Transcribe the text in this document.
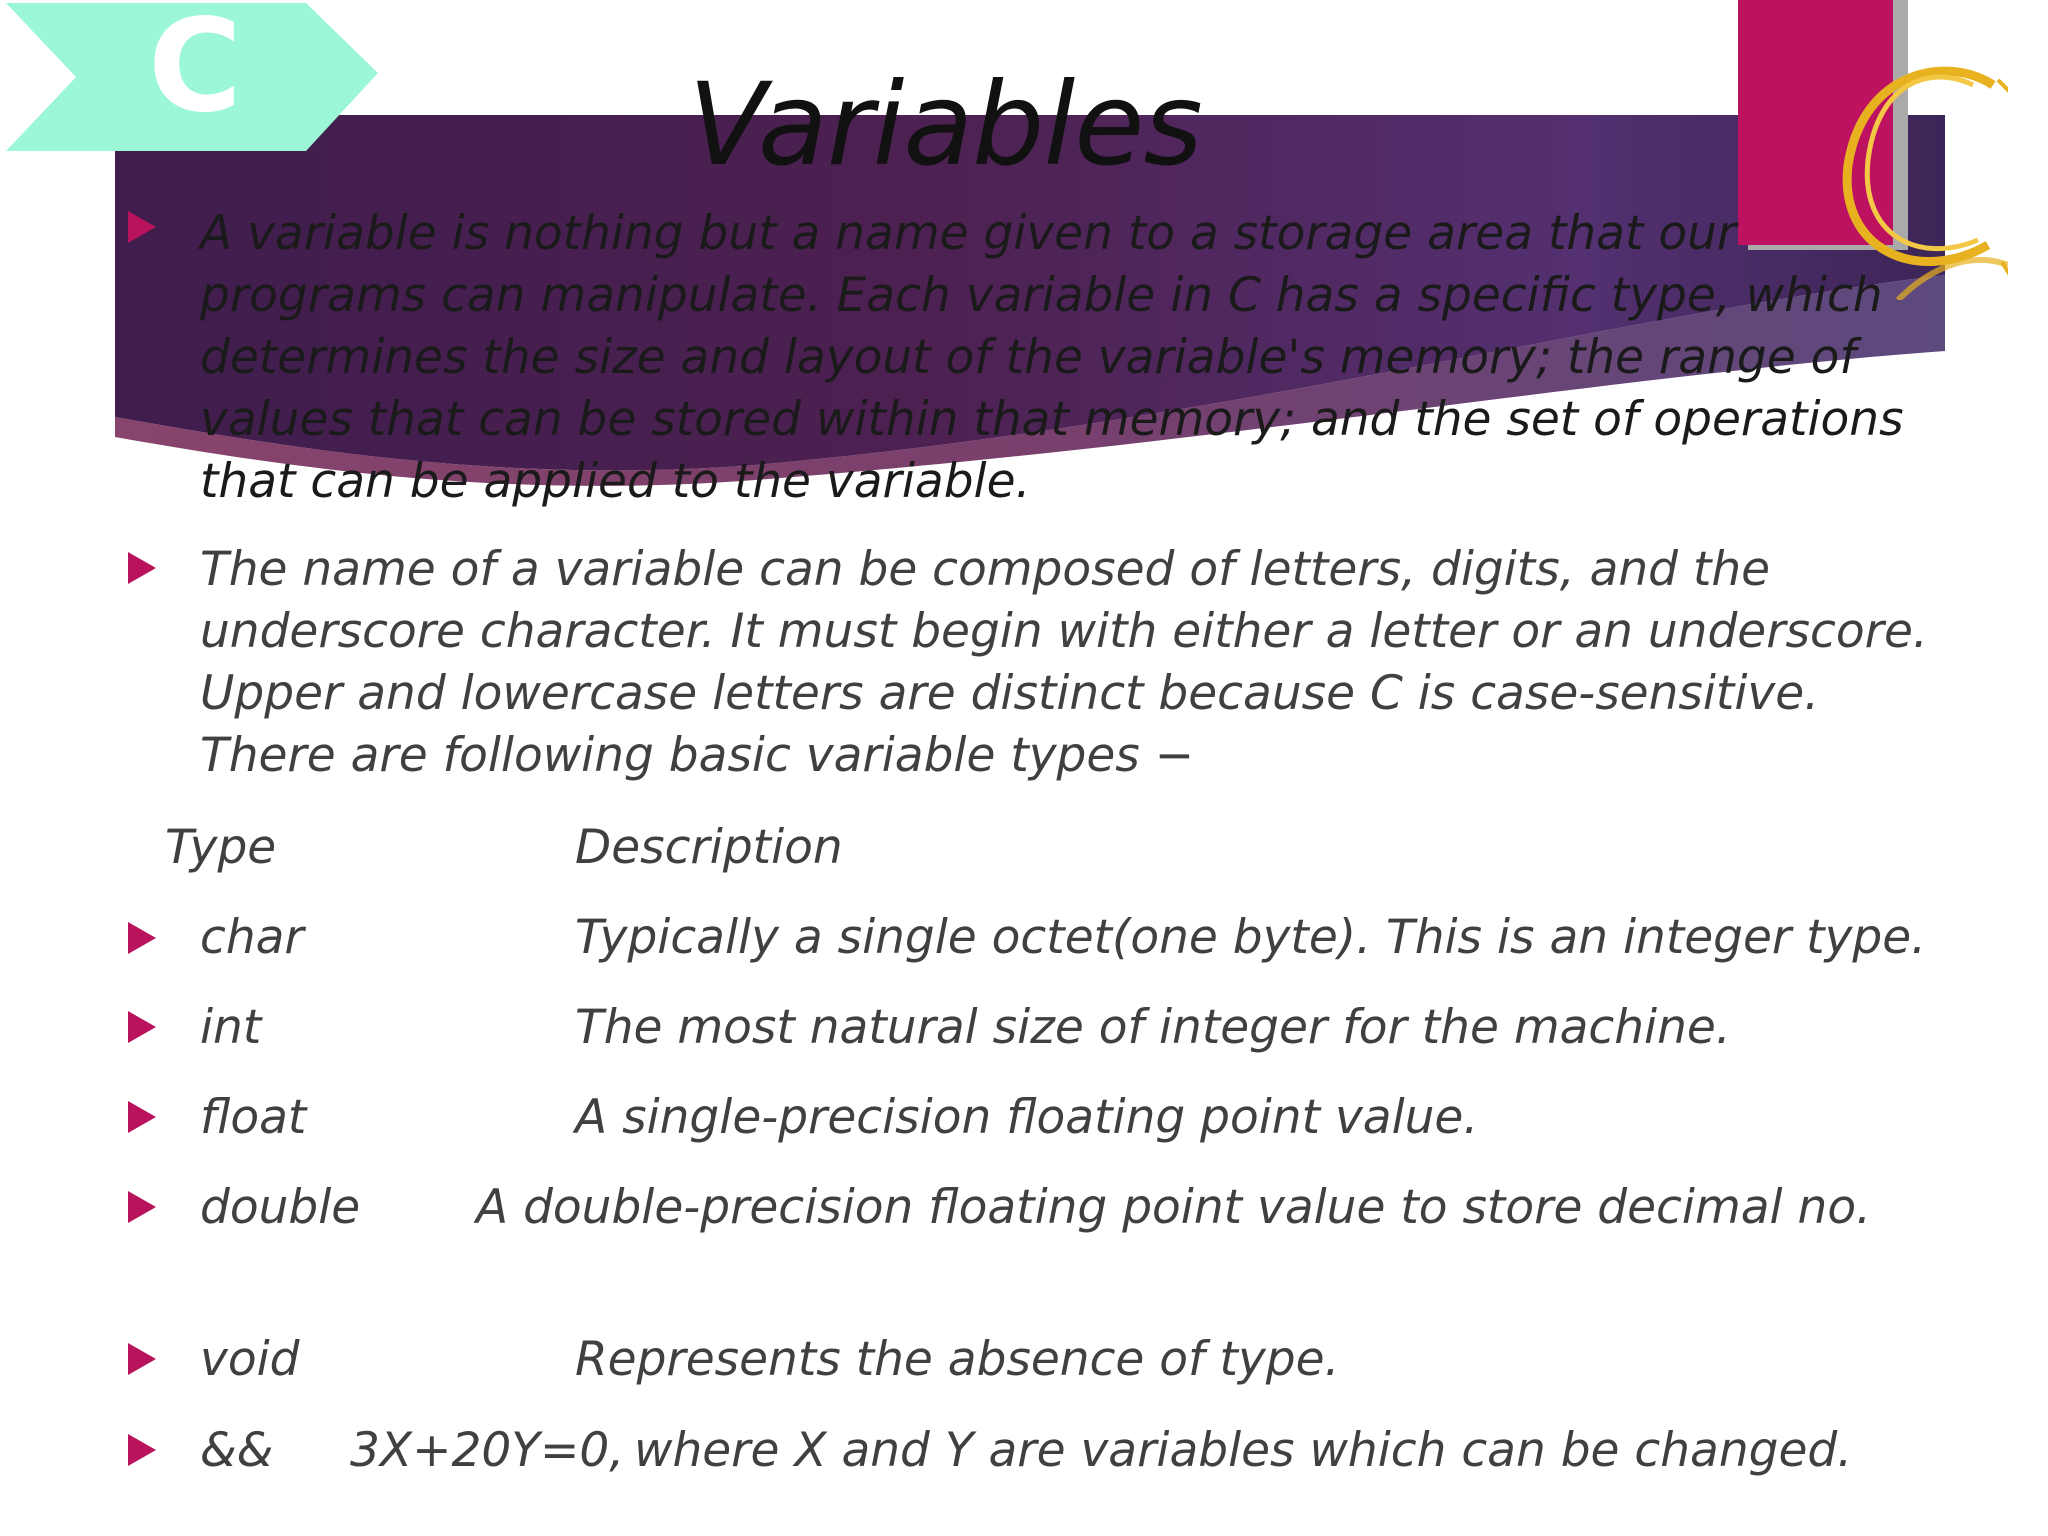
C	Variables

A variable is nothing but a name given to a storage area that our programs can manipulate. Each variable in C has a specific type, which determines the size and layout of the variable's memory; the range of values that can be stored within that memory; and the set of operations that can be applied to the variable.

The name of a variable can be composed of letters, digits, and the underscore character. It must begin with either a letter or an underscore. Upper and lowercase letters are distinct because C is case-sensitive. There are following basic variable types −

Type	Description
char	Typically a single octet(one byte). This is an integer type.
int	The most natural size of integer for the machine.
float	A single-precision floating point value.
double A double-precision floating point value to store decimal no.
void	Represents the absence of type.
&& 3X+20Y=0, where X and Y are variables which can be changed.
